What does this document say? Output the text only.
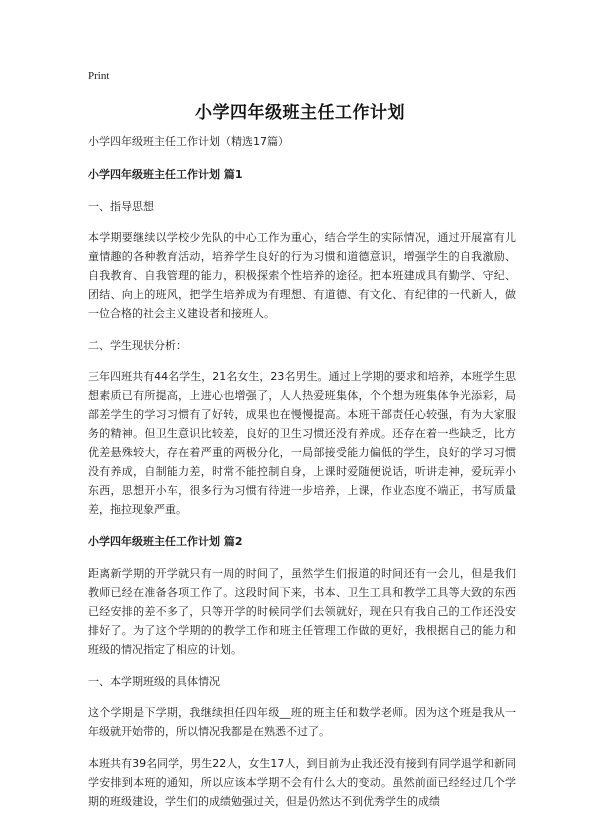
Print
小学四年级班主任工作计划

小学四年级班主任工作计划（精选17篇）

小学四年级班主任工作计划 篇1

一、指导思想

本学期要继续以学校少先队的中心工作为重心，结合学生的实际情况，通过开展富有儿童情趣的各种教育活动，培养学生良好的行为习惯和道德意识，增强学生的自我激励、自我教育、自我管理的能力，积极探索个性培养的途径。把本班建成具有勤学、守纪、团结、向上的班风，把学生培养成为有理想、有道德、有文化、有纪律的一代新人，做一位合格的社会主义建设者和接班人。

二、学生现状分析：

三年四班共有44名学生，21名女生，23名男生。通过上学期的要求和培养，本班学生思想素质已有所提高，上进心也增强了，人人热爱班集体，个个想为班集体争光添彩，局部差学生的学习习惯有了好转，成果也在慢慢提高。本班干部责任心较强，有为大家服务的精神。但卫生意识比较差，良好的卫生习惯还没有养成。还存在着一些缺乏，比方优差悬殊较大，存在着严重的两极分化，一局部接受能力偏低的学生，良好的学习习惯没有养成，自制能力差，时常不能控制自身，上课时爱随便说话，听讲走神，爱玩弄小东西，思想开小车，很多行为习惯有待进一步培养，上课，作业态度不端正，书写质量差，拖拉现象严重。

小学四年级班主任工作计划 篇2

距离新学期的开学就只有一周的时间了，虽然学生们报道的时间还有一会儿，但是我们教师已经在准备各项工作了。这段时间下来，书本、卫生工具和教学工具等大致的东西已经安排的差不多了，只等开学的时候同学们去领就好，现在只有我自己的工作还没安排好了。为了这个学期的的教学工作和班主任管理工作做的更好，我根据自己的能力和班级的情况指定了相应的计划。

一、本学期班级的具体情况

这个学期是下学期，我继续担任四年级__班的班主任和数学老师。因为这个班是我从一年级就开始带的，所以情况我都是在熟悉不过了。

本班共有39名同学，男生22人，女生17人，到目前为止我还没有接到有同学退学和新同学安排到本班的通知，所以应该本学期不会有什么大的变动。虽然前面已经经过几个学期的班级建设，学生们的成绩勉强过关，但是仍然达不到优秀学生的成绩
